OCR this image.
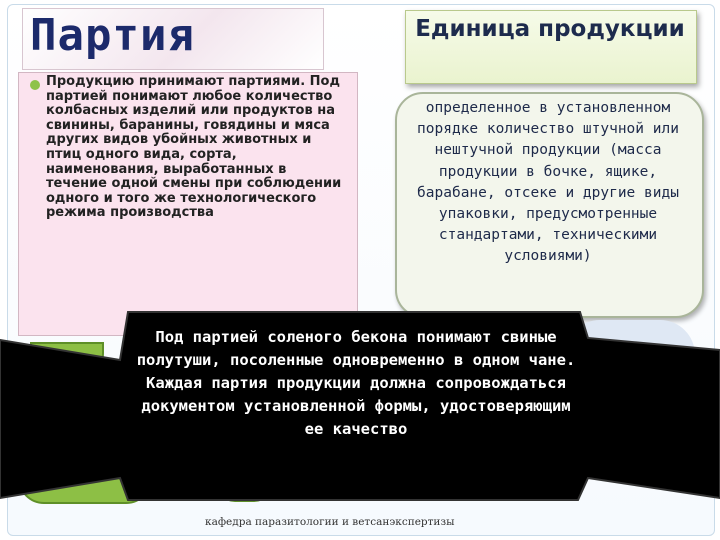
Партия
Продукцию принимают партиями. Под партией понимают любое количество колбасных изделий или продуктов на свинины, баранины, говядины и мяса других видов убойных животных и птиц одного вида, сорта, наименования, выработанных в течение одной смены при соблюдении одного и того же технологического режима производства
Единица продукции
определенное в установленном порядке количество штучной или нештучной продукции (масса продукции в бочке, ящике, барабане, отсеке и другие виды упаковки, предусмотренные стандартами, техническими условиями)
Под партией соленого бекона понимают свиные полутуши, посоленные одновременно в одном чане. Каждая партия продукции должна сопровождаться документом установленной формы, удостоверяющим ее качество
кафедра паразитологии и ветсанэкспертизы
